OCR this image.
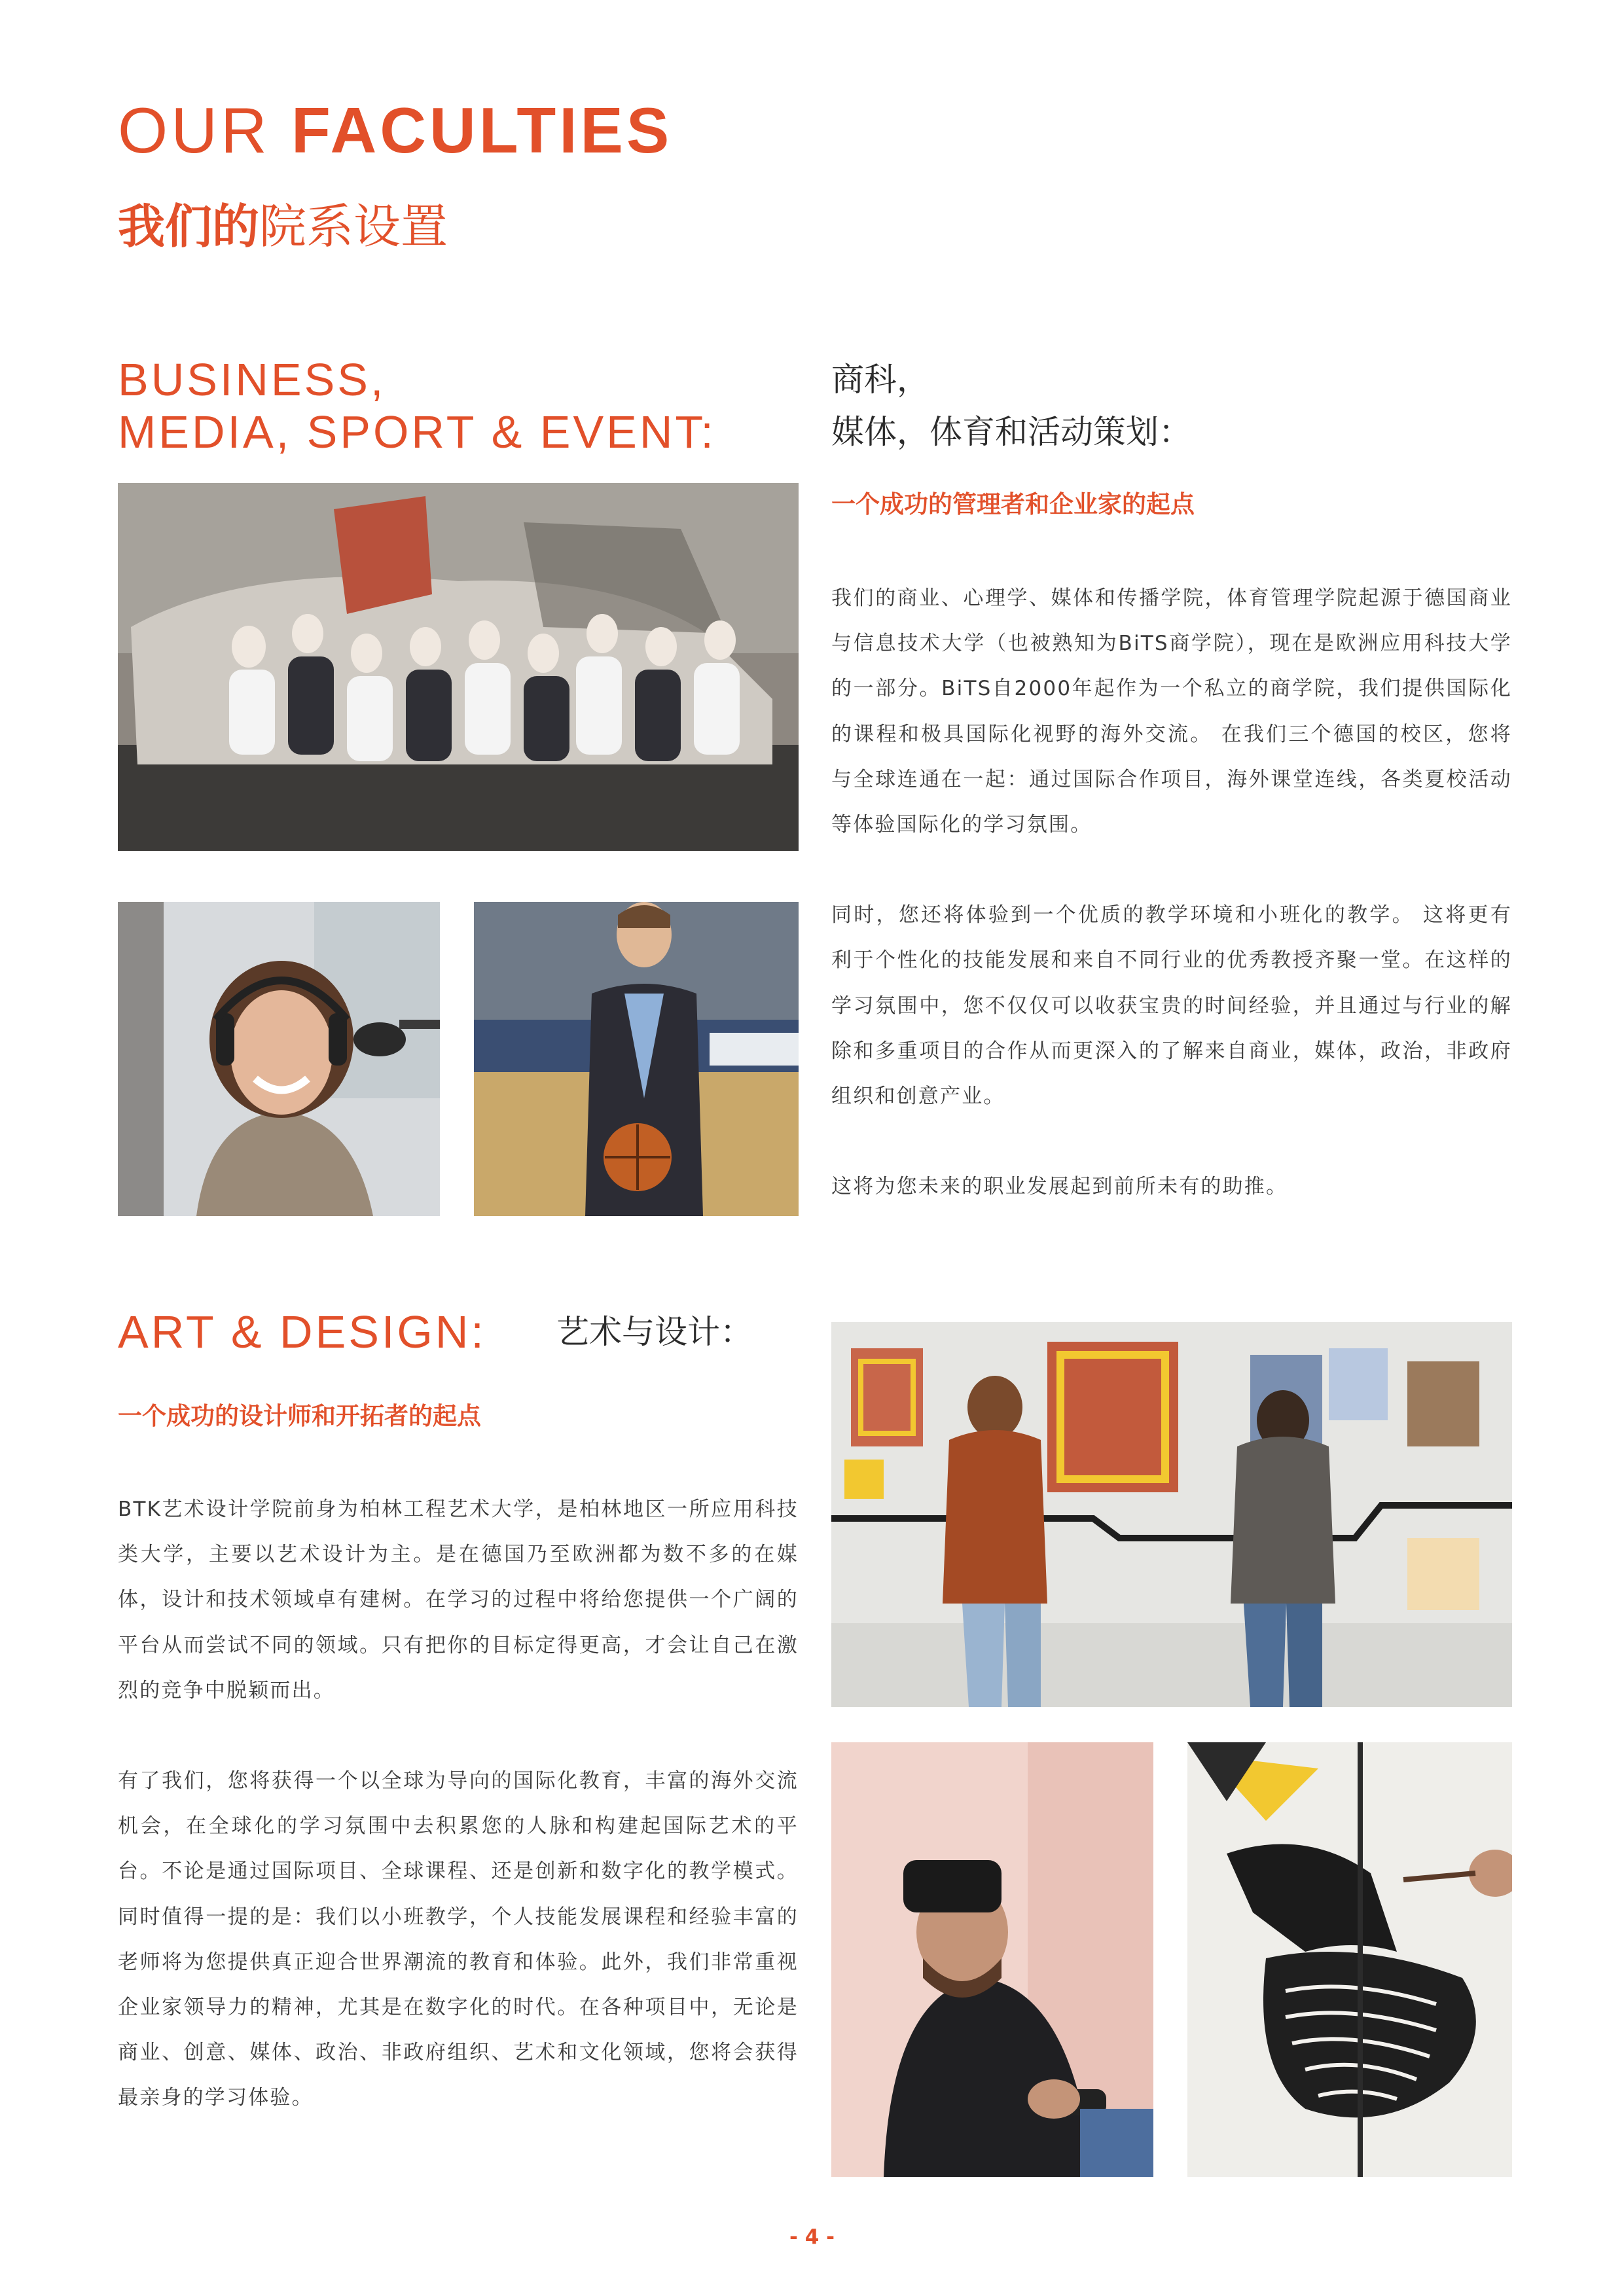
OUR FACULTIES
我们的院系设置
BUSINESS,
MEDIA, SPORT & EVENT:
商科，
媒体，体育和活动策划：
一个成功的管理者和企业家的起点

我们的商业、心理学、媒体和传播学院，体育管理学院起源于德国商业与信息技术大学（也被熟知为BiTS商学院），现在是欧洲应用科技大学的一部分。BiTS自2000年起作为一个私立的商学院，我们提供国际化的课程和极具国际化视野的海外交流。 在我们三个德国的校区，您将与全球连通在一起：通过国际合作项目，海外课堂连线，各类夏校活动等体验国际化的学习氛围。

同时，您还将体验到一个优质的教学环境和小班化的教学。 这将更有利于个性化的技能发展和来自不同行业的优秀教授齐聚一堂。在这样的学习氛围中，您不仅仅可以收获宝贵的时间经验，并且通过与行业的解除和多重项目的合作从而更深入的了解来自商业，媒体，政治，非政府组织和创意产业。

这将为您未来的职业发展起到前所未有的助推。

ART & DESIGN: 艺术与设计：
一个成功的设计师和开拓者的起点

BTK艺术设计学院前身为柏林工程艺术大学，是柏林地区一所应用科技类大学，主要以艺术设计为主。是在德国乃至欧洲都为数不多的在媒体，设计和技术领域卓有建树。在学习的过程中将给您提供一个广阔的平台从而尝试不同的领域。只有把你的目标定得更高，才会让自己在激烈的竞争中脱颖而出。

有了我们，您将获得一个以全球为导向的国际化教育，丰富的海外交流机会，在全球化的学习氛围中去积累您的人脉和构建起国际艺术的平台。不论是通过国际项目、全球课程、还是创新和数字化的教学模式。同时值得一提的是：我们以小班教学，个人技能发展课程和经验丰富的老师将为您提供真正迎合世界潮流的教育和体验。此外，我们非常重视企业家领导力的精神，尤其是在数字化的时代。在各种项目中，无论是商业、创意、媒体、政治、非政府组织、艺术和文化领域，您将会获得最亲身的学习体验。

- 4 -
